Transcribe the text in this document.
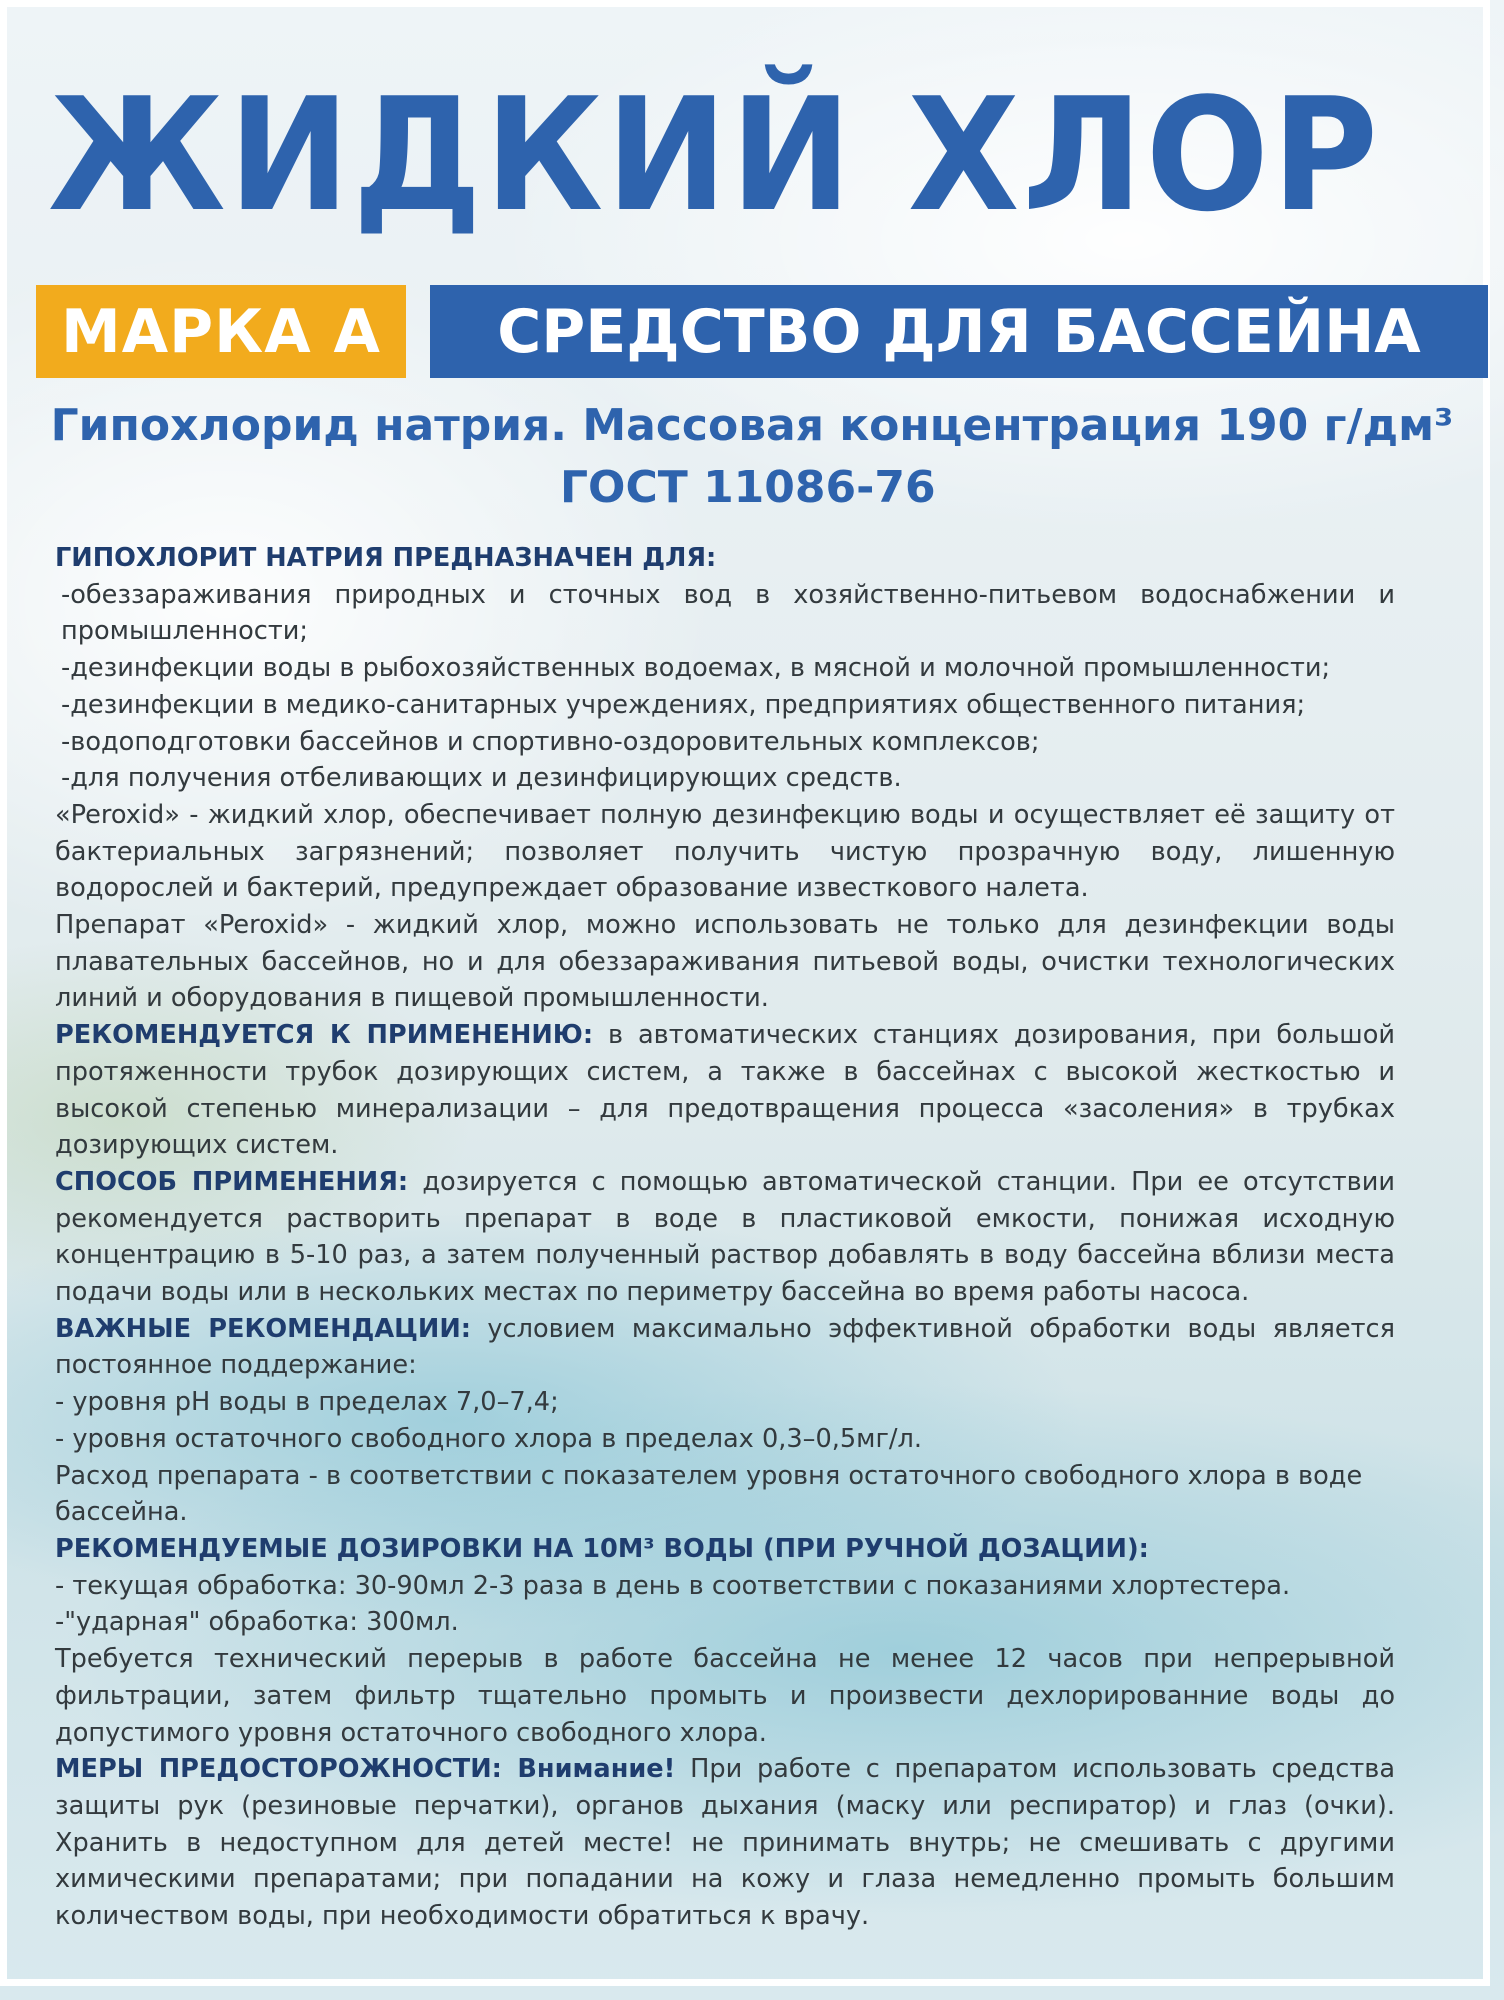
ЖИДКИЙ ХЛОР
МАРКА А СРЕДСТВО ДЛЯ БАССЕЙНА
Гипохлорид натрия. Массовая концентрация 190 г/дм³
ГОСТ 11086-76

ГИПОХЛОРИТ НАТРИЯ ПРЕДНАЗНАЧЕН ДЛЯ:

-обеззараживания природных и сточных вод в хозяйственно-питьевом водоснабжении и промышленности;

-дезинфекции воды в рыбохозяйственных водоемах, в мясной и молочной промышленности;

-дезинфекции в медико-санитарных учреждениях, предприятиях общественного питания;

-водоподготовки бассейнов и спортивно-оздоровительных комплексов;

-для получения отбеливающих и дезинфицирующих средств.

«Peroxid» - жидкий хлор, обеспечивает полную дезинфекцию воды и осуществляет её защиту от бактериальных загрязнений; позволяет получить чистую прозрачную воду, лишенную водорослей и бактерий, предупреждает образование известкового налета.

Препарат «Peroxid» - жидкий хлор, можно использовать не только для дезинфекции воды плавательных бассейнов, но и для обеззараживания питьевой воды, очистки технологических линий и оборудования в пищевой промышленности.

РЕКОМЕНДУЕТСЯ К ПРИМЕНЕНИЮ: в автоматических станциях дозирования, при большой протяженности трубок дозирующих систем, а также в бассейнах с высокой жесткостью и высокой степенью минерализации – для предотвращения процесса «засоления» в трубках дозирующих систем.

СПОСОБ ПРИМЕНЕНИЯ: дозируется с помощью автоматической станции. При ее отсутствии рекомендуется растворить препарат в воде в пластиковой емкости, понижая исходную концентрацию в 5-10 раз, а затем полученный раствор добавлять в воду бассейна вблизи места подачи воды или в нескольких местах по периметру бассейна во время работы насоса.

ВАЖНЫЕ РЕКОМЕНДАЦИИ: условием максимально эффективной обработки воды является постоянное поддержание:

- уровня pH воды в пределах 7,0–7,4;

- уровня остаточного свободного хлора в пределах 0,3–0,5мг/л.

Расход препарата - в соответствии с показателем уровня остаточного свободного хлора в воде бассейна.

РЕКОМЕНДУЕМЫЕ ДОЗИРОВКИ НА 10М³ ВОДЫ (ПРИ РУЧНОЙ ДОЗАЦИИ):

- текущая обработка: 30-90мл 2-3 раза в день в соответствии с показаниями хлортестера.

-"ударная" обработка: 300мл.

Требуется технический перерыв в работе бассейна не менее 12 часов при непрерывной фильтрации, затем фильтр тщательно промыть и произвести дехлорированние воды до допустимого уровня остаточного свободного хлора.

МЕРЫ ПРЕДОСТОРОЖНОСТИ: Внимание! При работе с препаратом использовать средства защиты рук (резиновые перчатки), органов дыхания (маску или респиратор) и глаз (очки). Хранить в недоступном для детей месте! не принимать внутрь; не смешивать с другими химическими препаратами; при попадании на кожу и глаза немедленно промыть большим количеством воды, при необходимости обратиться к врачу.
